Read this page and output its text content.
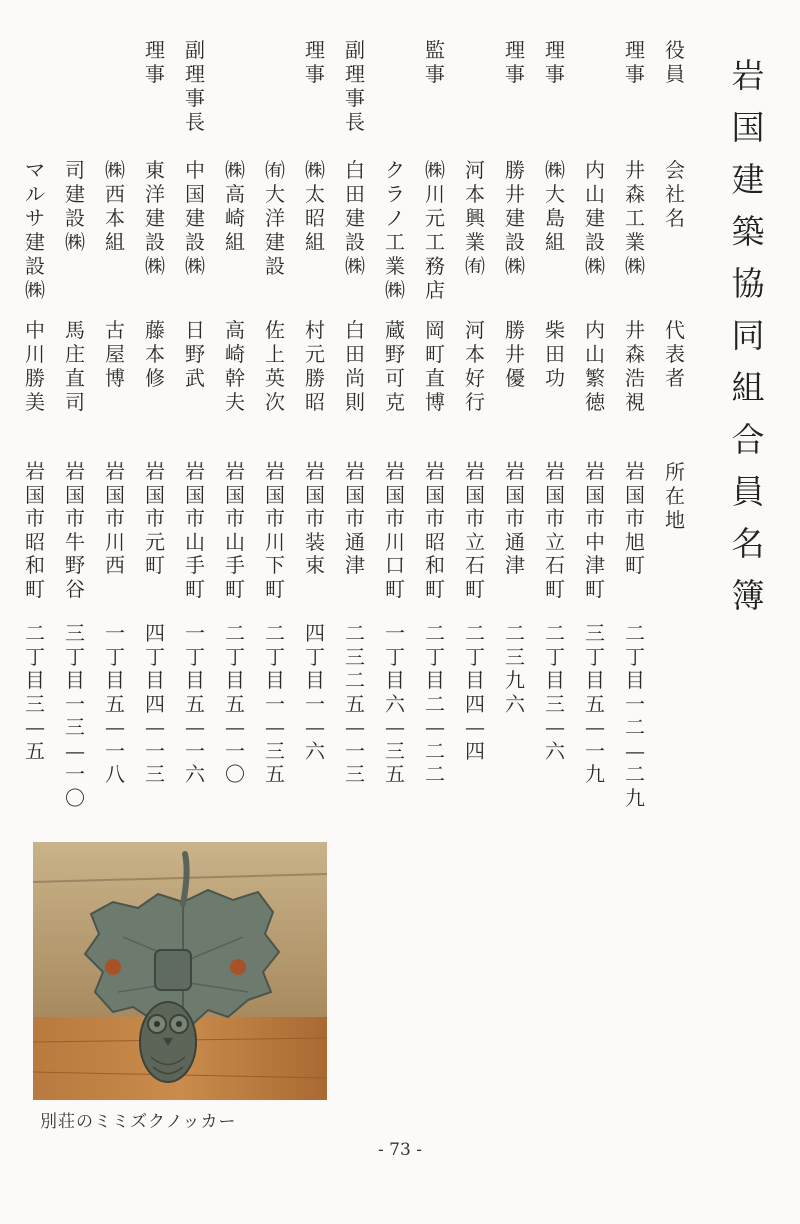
岩国建築協同組合員名簿
役員
会社名
代表者
所在地
理事
井森工業㈱
井森浩視
岩国市旭町
二丁目一二—二九
内山建設㈱
内山繁徳
岩国市中津町
三丁目 五—一九
理事
㈱大島組
柴田功
岩国市立石町
二丁目 三— 六
理事
勝井建設㈱
勝井優
岩国市通津
二三九六
河本興業㈲
河本好行
岩国市立石町
二丁目 四— 四
監事
㈱川元工務店
岡町直博
岩国市昭和町
二丁目 二—二二
クラノ工業㈱
蔵野可克
岩国市川口町
一丁目 六—三五
副理事長
白田建設㈱
白田尚則
岩国市通津
二三二五—一三
理事
㈱太昭組
村元勝昭
岩国市装束
四丁目 一— 六
㈲大洋建設
佐上英次
岩国市川下町
二丁目 一—三五
㈱高崎組
高崎幹夫
岩国市山手町
二丁目 五—一〇
副理事長
中国建設㈱
日野武
岩国市山手町
一丁目 五—一六
理事
東洋建設㈱
藤本修
岩国市元町
四丁目 四—一三
㈱西本組
古屋博
岩国市川西
一丁目 五—一八
司建設㈱
馬庄直司
岩国市牛野谷
三丁目一三—一〇
マルサ建設㈱
中川勝美
岩国市昭和町
二丁目 三— 五
別荘のミミズクノッカー
- 73 -
